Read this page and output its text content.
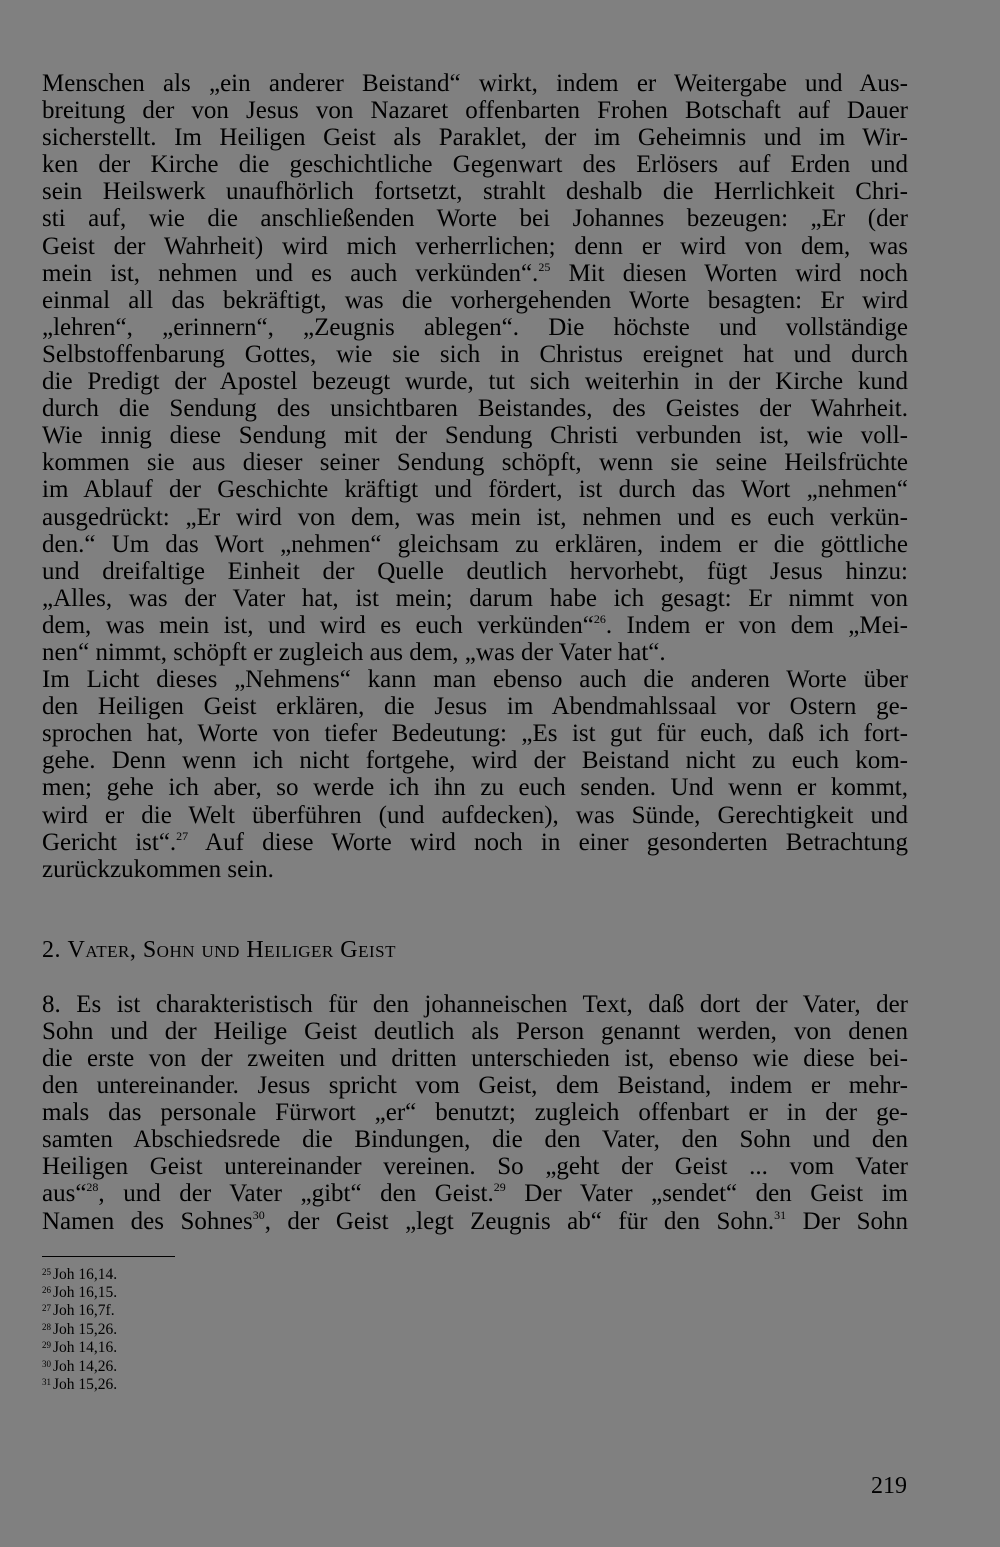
Menschen als „ein anderer Beistand“ wirkt, indem er Weitergabe und Aus-
breitung der von Jesus von Nazaret offenbarten Frohen Botschaft auf Dauer
sicherstellt. Im Heiligen Geist als Paraklet, der im Geheimnis und im Wir-
ken der Kirche die geschichtliche Gegenwart des Erlösers auf Erden und
sein Heilswerk unaufhörlich fortsetzt, strahlt deshalb die Herrlichkeit Chri-
sti auf, wie die anschließenden Worte bei Johannes bezeugen: „Er (der
Geist der Wahrheit) wird mich verherrlichen; denn er wird von dem, was
mein ist, nehmen und es auch verkünden“.$^{25}$ Mit diesen Worten wird noch
einmal all das bekräftigt, was die vorhergehenden Worte besagten: Er wird
„lehren“, „erinnern“, „Zeugnis ablegen“. Die höchste und vollständige
Selbstoffenbarung Gottes, wie sie sich in Christus ereignet hat und durch
die Predigt der Apostel bezeugt wurde, tut sich weiterhin in der Kirche kund
durch die Sendung des unsichtbaren Beistandes, des Geistes der Wahrheit.
Wie innig diese Sendung mit der Sendung Christi verbunden ist, wie voll-
kommen sie aus dieser seiner Sendung schöpft, wenn sie seine Heilsfrüchte
im Ablauf der Geschichte kräftigt und fördert, ist durch das Wort „nehmen“
ausgedrückt: „Er wird von dem, was mein ist, nehmen und es euch verkün-
den.“ Um das Wort „nehmen“ gleichsam zu erklären, indem er die göttliche
und dreifaltige Einheit der Quelle deutlich hervorhebt, fügt Jesus hinzu:
„Alles, was der Vater hat, ist mein; darum habe ich gesagt: Er nimmt von
dem, was mein ist, und wird es euch verkünden“$^{26}$. Indem er von dem „Mei-
nen“ nimmt, schöpft er zugleich aus dem, „was der Vater hat“.
Im Licht dieses „Nehmens“ kann man ebenso auch die anderen Worte über
den Heiligen Geist erklären, die Jesus im Abendmahlssaal vor Ostern ge-
sprochen hat, Worte von tiefer Bedeutung: „Es ist gut für euch, daß ich fort-
gehe. Denn wenn ich nicht fortgehe, wird der Beistand nicht zu euch kom-
men; gehe ich aber, so werde ich ihn zu euch senden. Und wenn er kommt,
wird er die Welt überführen (und aufdecken), was Sünde, Gerechtigkeit und
Gericht ist“.$^{27}$ Auf diese Worte wird noch in einer gesonderten Betrachtung
zurückzukommen sein.
2. Vater, Sohn und Heiliger Geist
8. Es ist charakteristisch für den johanneischen Text, daß dort der Vater, der
Sohn und der Heilige Geist deutlich als Person genannt werden, von denen
die erste von der zweiten und dritten unterschieden ist, ebenso wie diese bei-
den untereinander. Jesus spricht vom Geist, dem Beistand, indem er mehr-
mals das personale Fürwort „er“ benutzt; zugleich offenbart er in der ge-
samten Abschiedsrede die Bindungen, die den Vater, den Sohn und den
Heiligen Geist untereinander vereinen. So „geht der Geist ... vom Vater
aus“$^{28}$, und der Vater „gibt“ den Geist.$^{29}$ Der Vater „sendet“ den Geist im
Namen des Sohnes$^{30}$, der Geist „legt Zeugnis ab“ für den Sohn.$^{31}$ Der Sohn
$^{25}$ Joh 16,14.
$^{26}$ Joh 16,15.
$^{27}$ Joh 16,7f.
$^{28}$ Joh 15,26.
$^{29}$ Joh 14,16.
$^{30}$ Joh 14,26.
$^{31}$ Joh 15,26.
219
